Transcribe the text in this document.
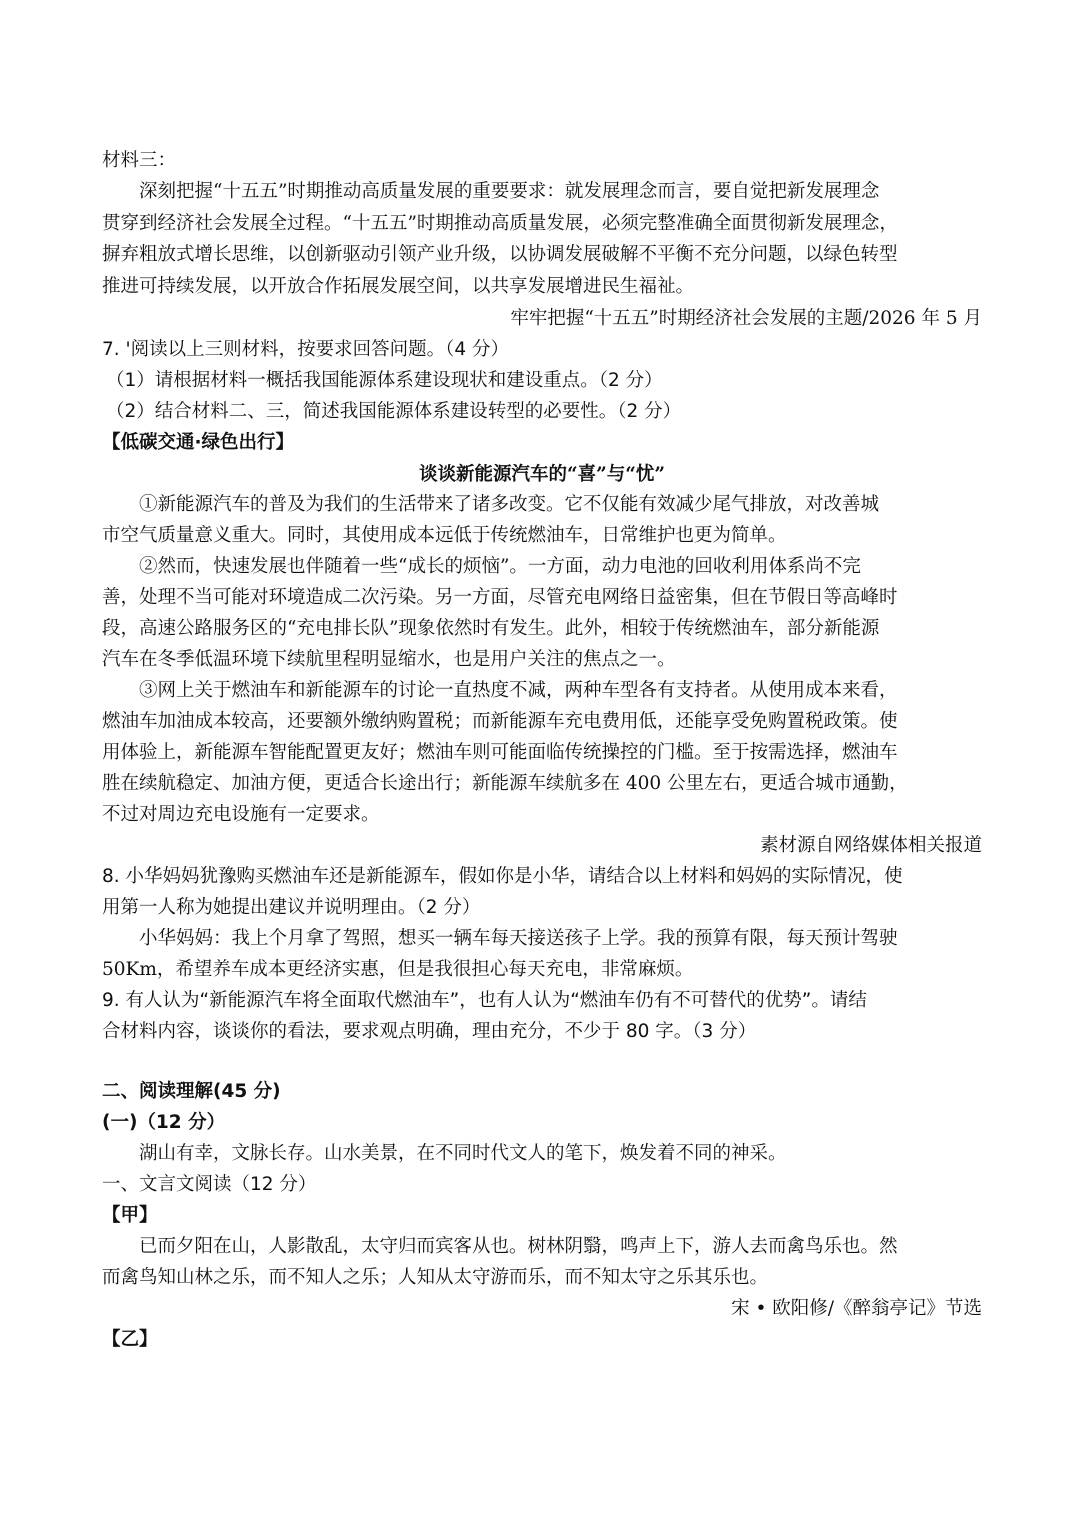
材料三：
深刻把握“十五五”时期推动高质量发展的重要要求：就发展理念而言，要自觉把新发展理念
贯穿到经济社会发展全过程。“十五五”时期推动高质量发展，必须完整准确全面贯彻新发展理念，
摒弃粗放式增长思维，以创新驱动引领产业升级，以协调发展破解不平衡不充分问题，以绿色转型
推进可持续发展，以开放合作拓展发展空间，以共享发展增进民生福祉。
牢牢把握“十五五”时期经济社会发展的主题/2026 年 5 月
7. '阅读以上三则材料，按要求回答问题。（4 分）
（1）请根据材料一概括我国能源体系建设现状和建设重点。（2 分）
（2）结合材料二、三，简述我国能源体系建设转型的必要性。（2 分）
【低碳交通·绿色出行】
谈谈新能源汽车的“喜”与“忧”
①新能源汽车的普及为我们的生活带来了诸多改变。它不仅能有效减少尾气排放，对改善城
市空气质量意义重大。同时，其使用成本远低于传统燃油车，日常维护也更为简单。
②然而，快速发展也伴随着一些“成长的烦恼”。一方面，动力电池的回收利用体系尚不完
善，处理不当可能对环境造成二次污染。另一方面，尽管充电网络日益密集，但在节假日等高峰时
段，高速公路服务区的“充电排长队”现象依然时有发生。此外，相较于传统燃油车，部分新能源
汽车在冬季低温环境下续航里程明显缩水，也是用户关注的焦点之一。
③网上关于燃油车和新能源车的讨论一直热度不减，两种车型各有支持者。从使用成本来看，
燃油车加油成本较高，还要额外缴纳购置税；而新能源车充电费用低，还能享受免购置税政策。使
用体验上，新能源车智能配置更友好；燃油车则可能面临传统操控的门槛。至于按需选择，燃油车
胜在续航稳定、加油方便，更适合长途出行；新能源车续航多在 400 公里左右，更适合城市通勤，
不过对周边充电设施有一定要求。
素材源自网络媒体相关报道
8. 小华妈妈犹豫购买燃油车还是新能源车，假如你是小华，请结合以上材料和妈妈的实际情况，使
用第一人称为她提出建议并说明理由。（2 分）
小华妈妈：我上个月拿了驾照，想买一辆车每天接送孩子上学。我的预算有限，每天预计驾驶
50Km，希望养车成本更经济实惠，但是我很担心每天充电，非常麻烦。
9. 有人认为“新能源汽车将全面取代燃油车”，也有人认为“燃油车仍有不可替代的优势”。请结
合材料内容，谈谈你的看法，要求观点明确，理由充分，不少于 80 字。（3 分）
二、阅读理解(45 分)
(一)（12 分）
湖山有幸，文脉长存。山水美景，在不同时代文人的笔下，焕发着不同的神采。
一、文言文阅读（12 分）
【甲】
已而夕阳在山，人影散乱，太守归而宾客从也。树林阴翳，鸣声上下，游人去而禽鸟乐也。然
而禽鸟知山林之乐，而不知人之乐；人知从太守游而乐，而不知太守之乐其乐也。
宋 • 欧阳修/《醉翁亭记》节选
【乙】
